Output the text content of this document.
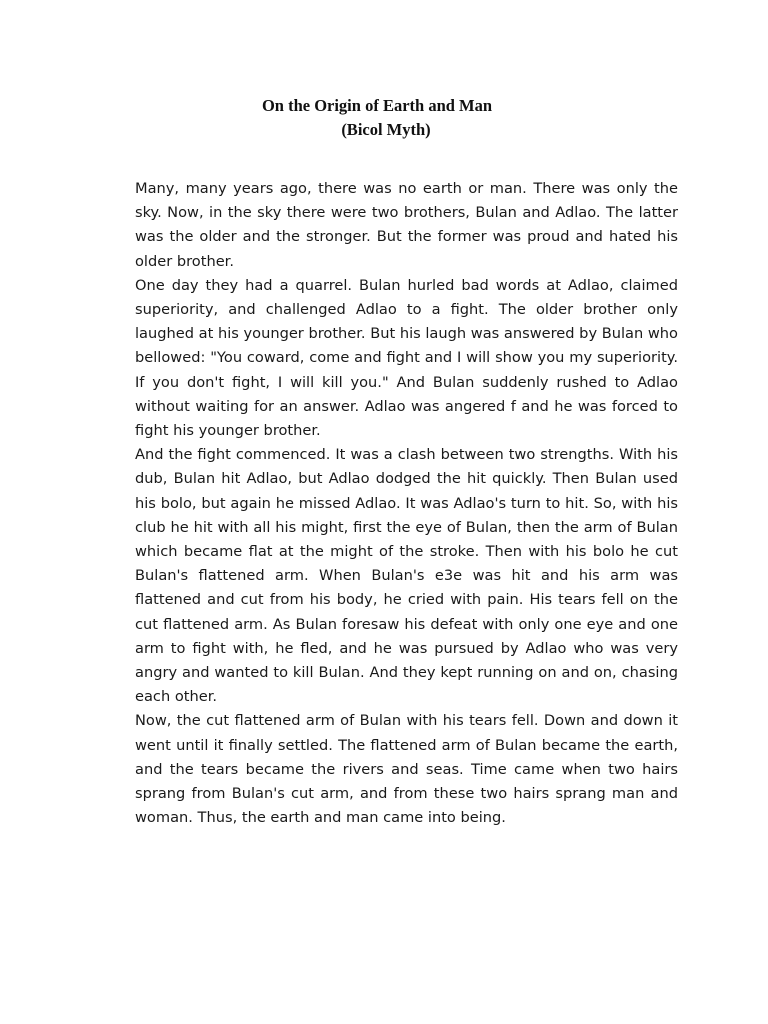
On the Origin of Earth and Man
(Bicol Myth)

Many, many years ago, there was no earth or man. There was only the sky. Now, in the sky there were two brothers, Bulan and Adlao. The latter was the older and the stronger. But the former was proud and hated his older brother.

One day they had a quarrel. Bulan hurled bad words at Adlao, claimed superiority, and challenged Adlao to a fight. The older brother only laughed at his younger brother. But his laugh was answered by Bulan who bellowed: "You coward, come and fight and I will show you my superiority. If you don't fight, I will kill you." And Bulan suddenly rushed to Adlao without waiting for an answer. Adlao was angered f and he was forced to fight his younger brother.

And the fight commenced. It was a clash between two strengths. With his dub, Bulan hit Adlao, but Adlao dodged the hit quickly. Then Bulan used his bolo, but again he missed Adlao. It was Adlao's turn to hit. So, with his club he hit with all his might, first the eye of Bulan, then the arm of Bulan which became flat at the might of the stroke. Then with his bolo he cut Bulan's flattened arm. When Bulan's e3e was hit and his arm was flattened and cut from his body, he cried with pain. His tears fell on the cut flattened arm. As Bulan foresaw his defeat with only one eye and one arm to fight with, he fled, and he was pursued by Adlao who was very angry and wanted to kill Bulan. And they kept running on and on, chasing each other.

Now, the cut flattened arm of Bulan with his tears fell. Down and down it went until it finally settled. The flattened arm of Bulan became the earth, and the tears became the rivers and seas. Time came when two hairs sprang from Bulan's cut arm, and from these two hairs sprang man and woman. Thus, the earth and man came into being.
